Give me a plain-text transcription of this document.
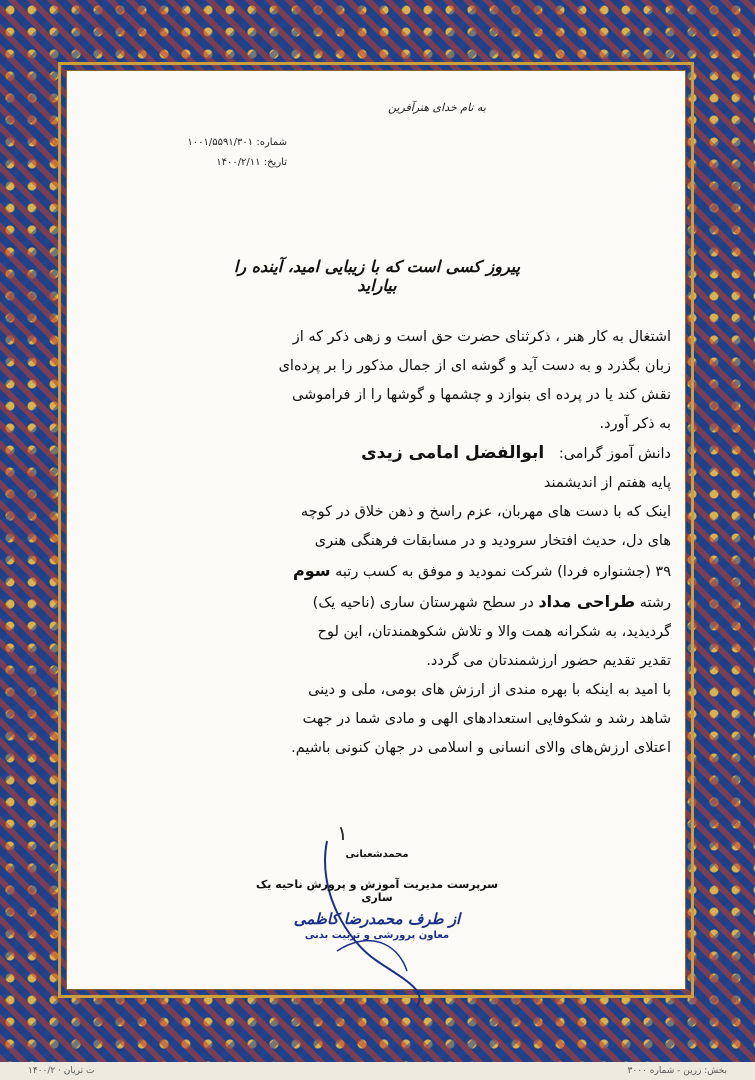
به نام خدای هنرآفرین
شماره: ۱۰۰۱/۵۵۹۱/۳۰۱
تاریخ: ۱۴۰۰/۲/۱۱
پیروز کسی است که با زیبایی امید، آینده را بیاراید
اشتغال به کار هنر ، ذکرثنای حضرت حق است و زهی ذکر که از
زبان بگذرد و به دست آید و گوشه ای از جمال مذکور را بر پرده‌ای
نقش کند یا در پرده ای بنوازد و چشمها و گوشها را از فراموشی
به ذکر آورد.
دانش آموز گرامی: ابوالفضل امامی زیدی
پایه هفتم از اندیشمند
اینک که با دست های مهربان، عزم راسخ و ذهن خلاق در کوچه
های دل، حدیث افتخار سرودید و در مسابقات فرهنگی هنری
۳۹ (جشنواره فردا) شرکت نمودید و موفق به کسب رتبه سوم
رشته طراحی مداد در سطح شهرستان ساری (ناحیه یک)
گردیدید، به شکرانه همت والا و تلاش شکوهمندتان، این لوح
تقدیر تقدیم حضور ارزشمندتان می گردد.
با امید به اینکه با بهره مندی از ارزش های بومی، ملی و دینی
شاهد رشد و شکوفایی استعدادهای الهی و مادی شما در جهت
اعتلای ارزش‌های والای انسانی و اسلامی در جهان کنونی باشیم.
١
محمدشعبانی
سرپرست مدیریت آموزش و پرورش ناحیه یک ساری
از طرف محمدرضا کاظمی
معاون پرورشی و تربیت بدنی
ت تریان · ۱۴۰۰/۲	بخش: زرین - شماره ۳۰۰۰
